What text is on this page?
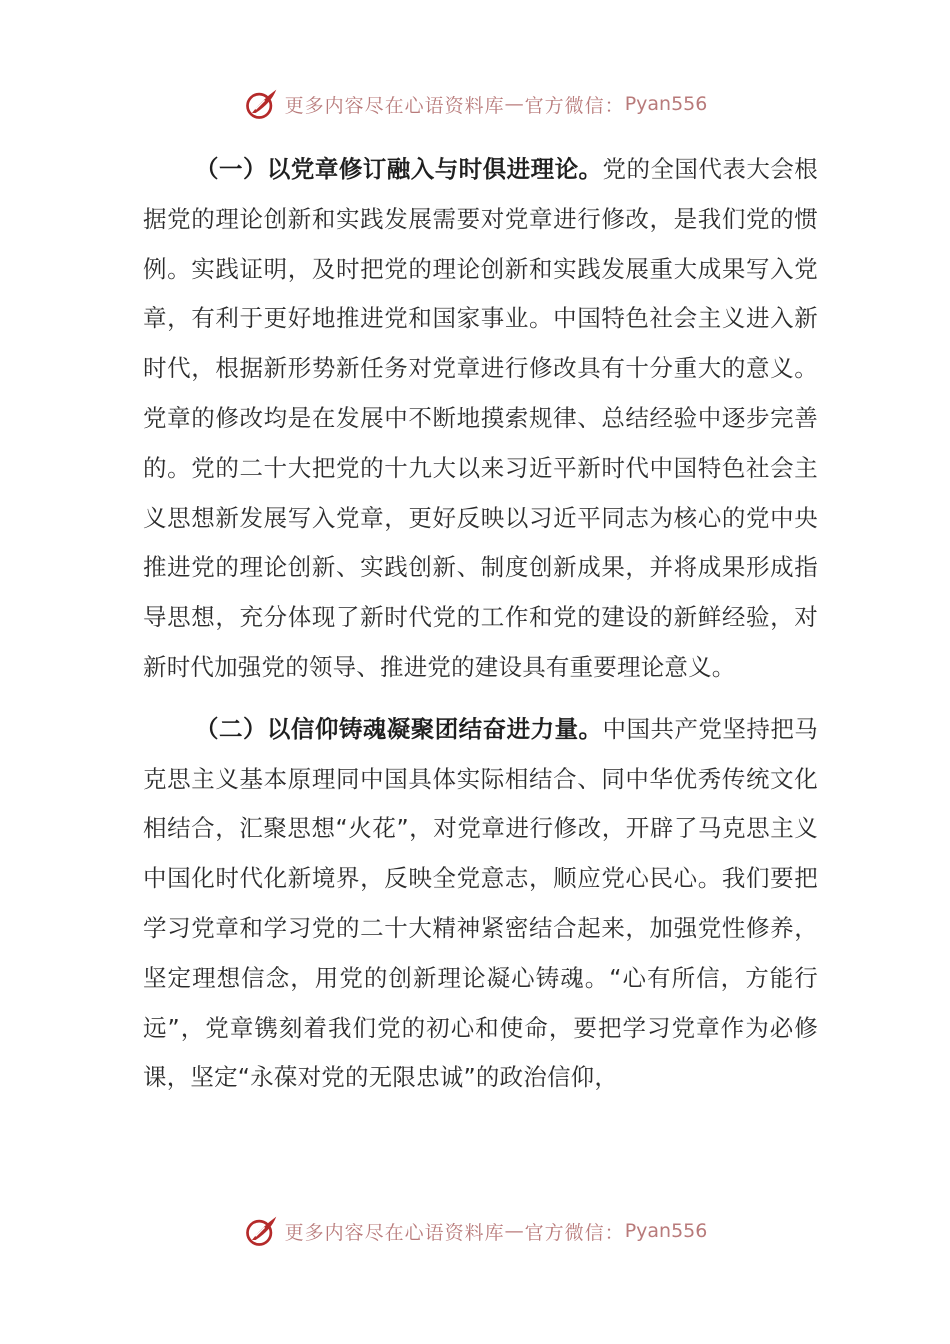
更多内容尽在心语资料库 — 官方微信： Pyan556

（一）以党章修订融入与时俱进理论。党的全国代表大会根据党的理论创新和实践发展需要对党章进行修改，是我们党的惯例。实践证明，及时把党的理论创新和实践发展重大成果写入党章，有利于更好地推进党和国家事业。中国特色社会主义进入新时代，根据新形势新任务对党章进行修改具有十分重大的意义。党章的修改均是在发展中不断地摸索规律、总结经验中逐步完善的。党的二十大把党的十九大以来习近平新时代中国特色社会主义思想新发展写入党章，更好反映以习近平同志为核心的党中央推进党的理论创新、实践创新、制度创新成果，并将成果形成指导思想，充分体现了新时代党的工作和党的建设的新鲜经验，对新时代加强党的领导、推进党的建设具有重要理论意义。

（二）以信仰铸魂凝聚团结奋进力量。中国共产党坚持把马克思主义基本原理同中国具体实际相结合、同中华优秀传统文化相结合，汇聚思想“火花”，对党章进行修改，开辟了马克思主义中国化时代化新境界，反映全党意志，顺应党心民心。我们要把学习党章和学习党的二十大精神紧密结合起来，加强党性修养，坚定理想信念，用党的创新理论凝心铸魂。“心有所信，方能行远”，党章镌刻着我们党的初心和使命，要把学习党章作为必修课，坚定“永葆对党的无限忠诚”的政治信仰，

更多内容尽在心语资料库 — 官方微信： Pyan556
